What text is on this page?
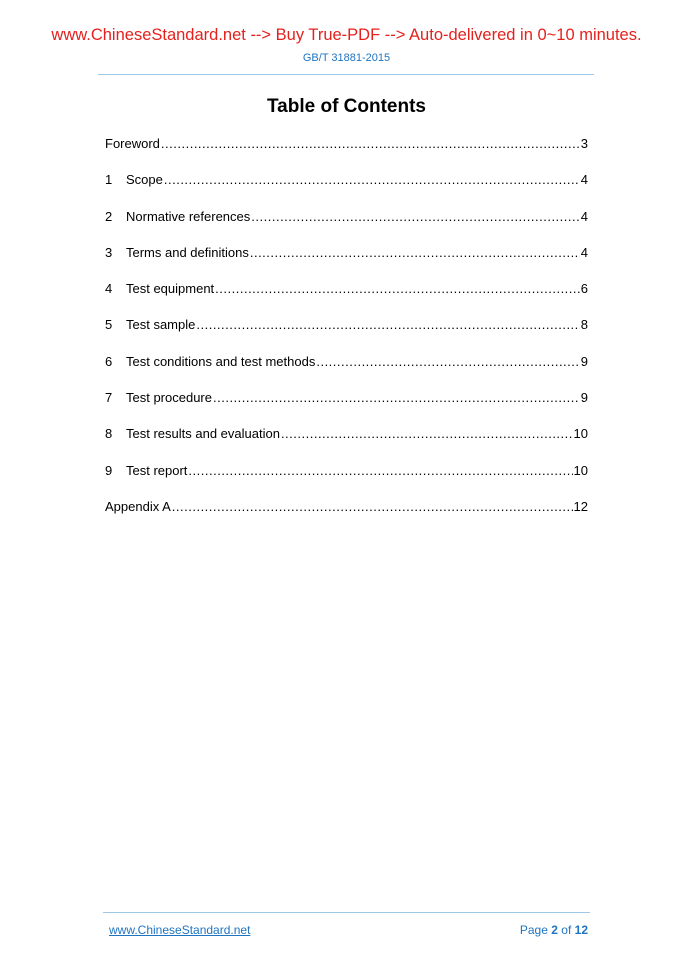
www.ChineseStandard.net --> Buy True-PDF --> Auto-delivered in 0~10 minutes.
GB/T 31881-2015
Table of Contents
Foreword .....	3
1	Scope .....	4
2	Normative references .....	4
3	Terms and definitions .....	4
4	Test equipment .....	6
5	Test sample .....	8
6	Test conditions and test methods .....	9
7	Test procedure .....	9
8	Test results and evaluation .....	10
9	Test report .....	10
Appendix A .....	12
www.ChineseStandard.net	Page 2 of 12
